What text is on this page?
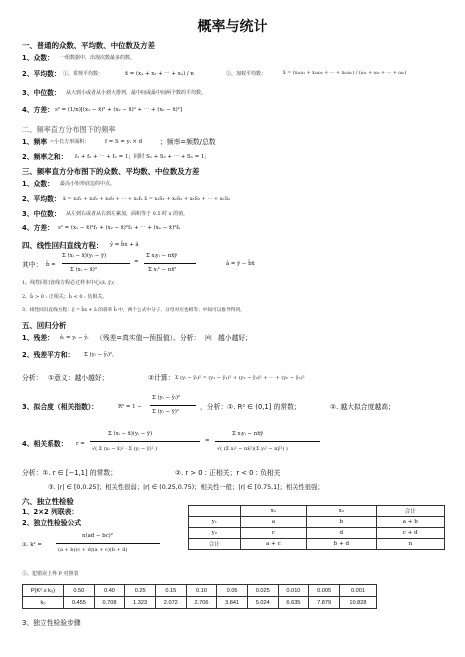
概率与统计
一、普通的众数、平均数、中位数及方差
1、众数： 一组数据中，出现次数最多的数。
2、平均数： ①、常规平均数：	x̄ = (x₁ + x₂ + ⋯ + xₙ) / n	②、加权平均数：	x̄ = (x₁ω₁ + x₂ω₂ + ⋯ + xₙωₙ) / (ω₁ + ω₂ + ⋯ + ωₙ)
3、中位数： 从大到小或者从小到大排列，最中间或最中间两个数的平均数。
4、方差： s² = (1/n)[(x₁ − x̄)² + (x₂ − x̄)² + ⋯ + (xₙ − x̄)²]
二、频率直方分布图下的频率
1、频率 =小长方形面积：	f = S = yᵢ × d	；频率=频数/总数
2、频率之和： f₁ + f₂ + ⋯ + fₙ = 1；同时 S₁ + S₂ + ⋯ + Sₙ = 1；
三、频率直方分布图下的众数、平均数、中位数及方差
1、众数： 最高小矩形底边的中点。
2、平均数： x̄ = x₁f₁ + x₂f₂ + x₃f₃ + ⋯ + xₙfₙ x̄ = x₁S₁ + x₂S₂ + x₃S₃ + ⋯ + xₙSₙ
3、中位数： 从左到右或者从右到左累加，面积等于 0.5 时 x 的值。
4、方差： s² = (x₁ − x̄)²f₁ + (x₂ − x̄)²f₂ + ⋯ + (xₙ − x̄)²fₙ
四、线性回归直线方程： ŷ = b̂x + â
其中： b̂ =
Σ (xᵢ − x̄)(yᵢ − ȳ)
Σ (xᵢ − x̄)²
=
Σ xᵢyᵢ − nx̄ȳ
Σ xᵢ² − nx̄²
â = ȳ − b̂x̄
1、线性回归直线方程必过样本中心(x̄, ȳ)；
2、b̂ > 0 : 正相关；b̂ < 0 : 负相关。
3、线性回归直线方程：ŷ = b̂x + â 的斜率 b̂ 中，两个公式中分子、分母对应也相等；中间可以推导得到。
五、回归分析
1、残差： êᵢ = yᵢ − ŷᵢ （残差=真实值—预报值）。分析： |ê| 越小越好；
2、残差平方和： Σ (yᵢ − ŷᵢ)²，
分析： ①意义：越小越好；	②计算： Σ (yᵢ − ŷᵢ)² = (y₁ − ŷ₁)² + (y₂ − ŷ₂)² + ⋯ + (yₙ − ŷₙ)²
3、拟合度（相关指数）：	R² = 1 −
Σ (yᵢ − ŷᵢ)²
Σ (yᵢ − ȳ)²
，分析：①. R² ∈ (0,1] 的常数；	②. 越大拟合度越高；
4、相关系数： r =
Σ (xᵢ − x̄)(yᵢ − ȳ)
√( Σ (xᵢ − x̄)² · Σ (yᵢ − ȳ)² )
=
Σ xᵢyᵢ − nx̄ȳ
√( (Σ xᵢ² − nx̄²)(Σ yᵢ² − nȳ²) )
分析：①. r ∈ [−1,1] 的常数；	②. r > 0 : 正相关；r < 0 : 负相关
③. |r| ∈ [0,0.25]；相关性很弱；|r| ∈ (0.25,0.75)；相关性一般；|r| ∈ [0.75,1]；相关性很强；
六、独立性检验
1、2×2 列联表：
2、独立性检验公式
①. k² =
n(ad − bc)²
(a + b)(c + d)(a + c)(b + d)
	x₁	x₂	合计
y₁	a	b	a + b
y₂	c	d	c + d
合计	a + c	b + d	n
②、犯错误上界 P 对照表
P(K² ≥ k₀)	0.50	0.40	0.25	0.15	0.10	0.05	0.025	0.010	0.005	0.001
k₀	0.455	0.708	1.323	2.072	2.706	3.841	5.024	6.635	7.879	10.828
3、独立性检验步骤
